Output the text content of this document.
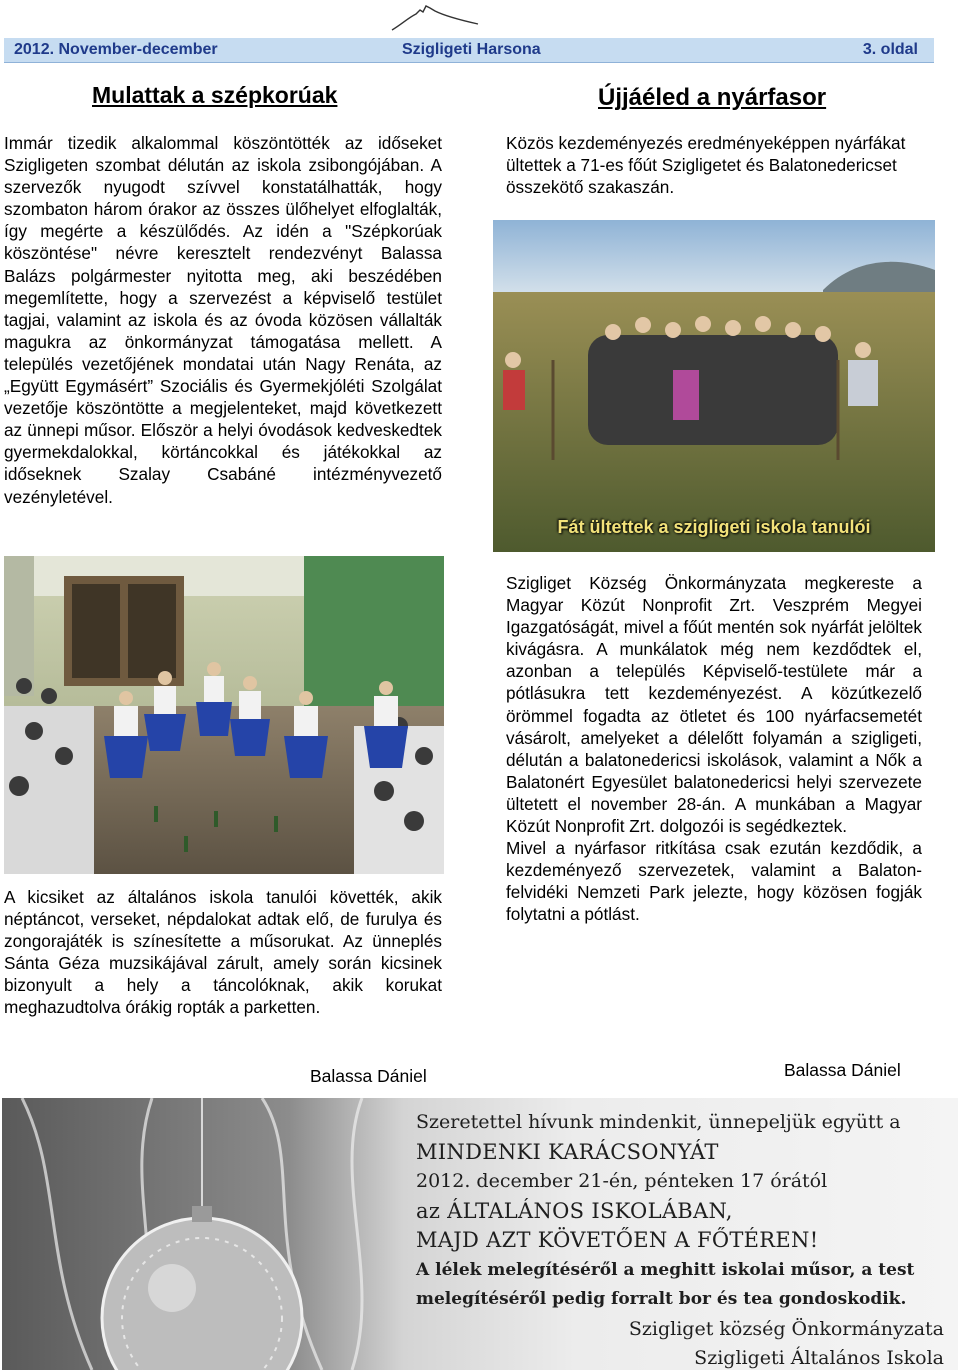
2012. November-december	Szigligeti Harsona	3. oldal
Mulattak a szépkorúak

Immár tizedik alkalommal köszöntötték az időseket Szigligeten szombat délután az iskola zsibongójában. A szervezők nyugodt szívvel konstatálhatták, hogy szombaton három órakor az összes ülőhelyet elfoglalták, így megérte a készülődés. Az idén a "Szépkorúak köszöntése" névre keresztelt rendezvényt Balassa Balázs polgármester nyitotta meg, aki beszédében megemlítette, hogy a szervezést a képviselő testület tagjai, valamint az iskola és az óvoda közösen vállalták magukra az önkormányzat támogatása mellett. A település vezetőjének mondatai után Nagy Renáta, az „Együtt Egymásért” Szociális és Gyermekjóléti Szolgálat vezetője köszöntötte a megjelenteket, majd következett az ünnepi műsor. Először a helyi óvodások kedveskedtek gyermekdalokkal, körtáncokkal és játékokkal az időseknek Szalay Csabáné intézményvezető vezényletével.

A kicsiket az általános iskola tanulói követték, akik néptáncot, verseket, népdalokat adtak elő, de furulya és zongorajáték is színesítette a műsorukat. Az ünneplés Sánta Géza muzsikájával zárult, amely során kicsinek bizonyult a hely a táncolóknak, akik korukat meghazudtolva órákig ropták a parketten.

Balassa Dániel
Újjáéled a nyárfasor

Közös kezdeményezés eredményeképpen nyárfákat ültettek a 71-es főút Szigligetet és Balatonedericset összekötő szakaszán.

Fát ültettek a szigligeti iskola tanulói

Szigliget Község Önkormányzata megkereste a Magyar Közút Nonprofit Zrt. Veszprém Megyei Igazgatóságát, mivel a főút mentén sok nyárfát jelöltek kivágásra. A munkálatok még nem kezdődtek el, azonban a település Képviselő-testülete már a pótlásukra tett kezdeményezést. A közútkezelő örömmel fogadta az ötletet és 100 nyárfacsemetét vásárolt, amelyeket a délelőtt folyamán a szigligeti, délután a balatonedericsi iskolások, valamint a Nők a Balatonért Egyesület balatonedericsi helyi szervezete ültetett el november 28-án. A munkában a Magyar Közút Nonprofit Zrt. dolgozói is segédkeztek.
Mivel a nyárfasor ritkítása csak ezután kezdődik, a kezdeményező szervezetek, valamint a Balaton-felvidéki Nemzeti Park jelezte, hogy közösen fogják folytatni a pótlást.

Balassa Dániel
Szeretettel hívunk mindenkit, ünnepeljük együtt a
MINDENKI KARÁCSONYÁT
2012. december 21-én, pénteken 17 órától
az ÁLTALÁNOS ISKOLÁBAN,
MAJD AZT KÖVETŐEN A FŐTÉREN!
A lélek melegítéséről a meghitt iskolai műsor, a test
melegítéséről pedig forralt bor és tea gondoskodik.
Szigliget község Önkormányzata
Szigligeti Általános Iskola
